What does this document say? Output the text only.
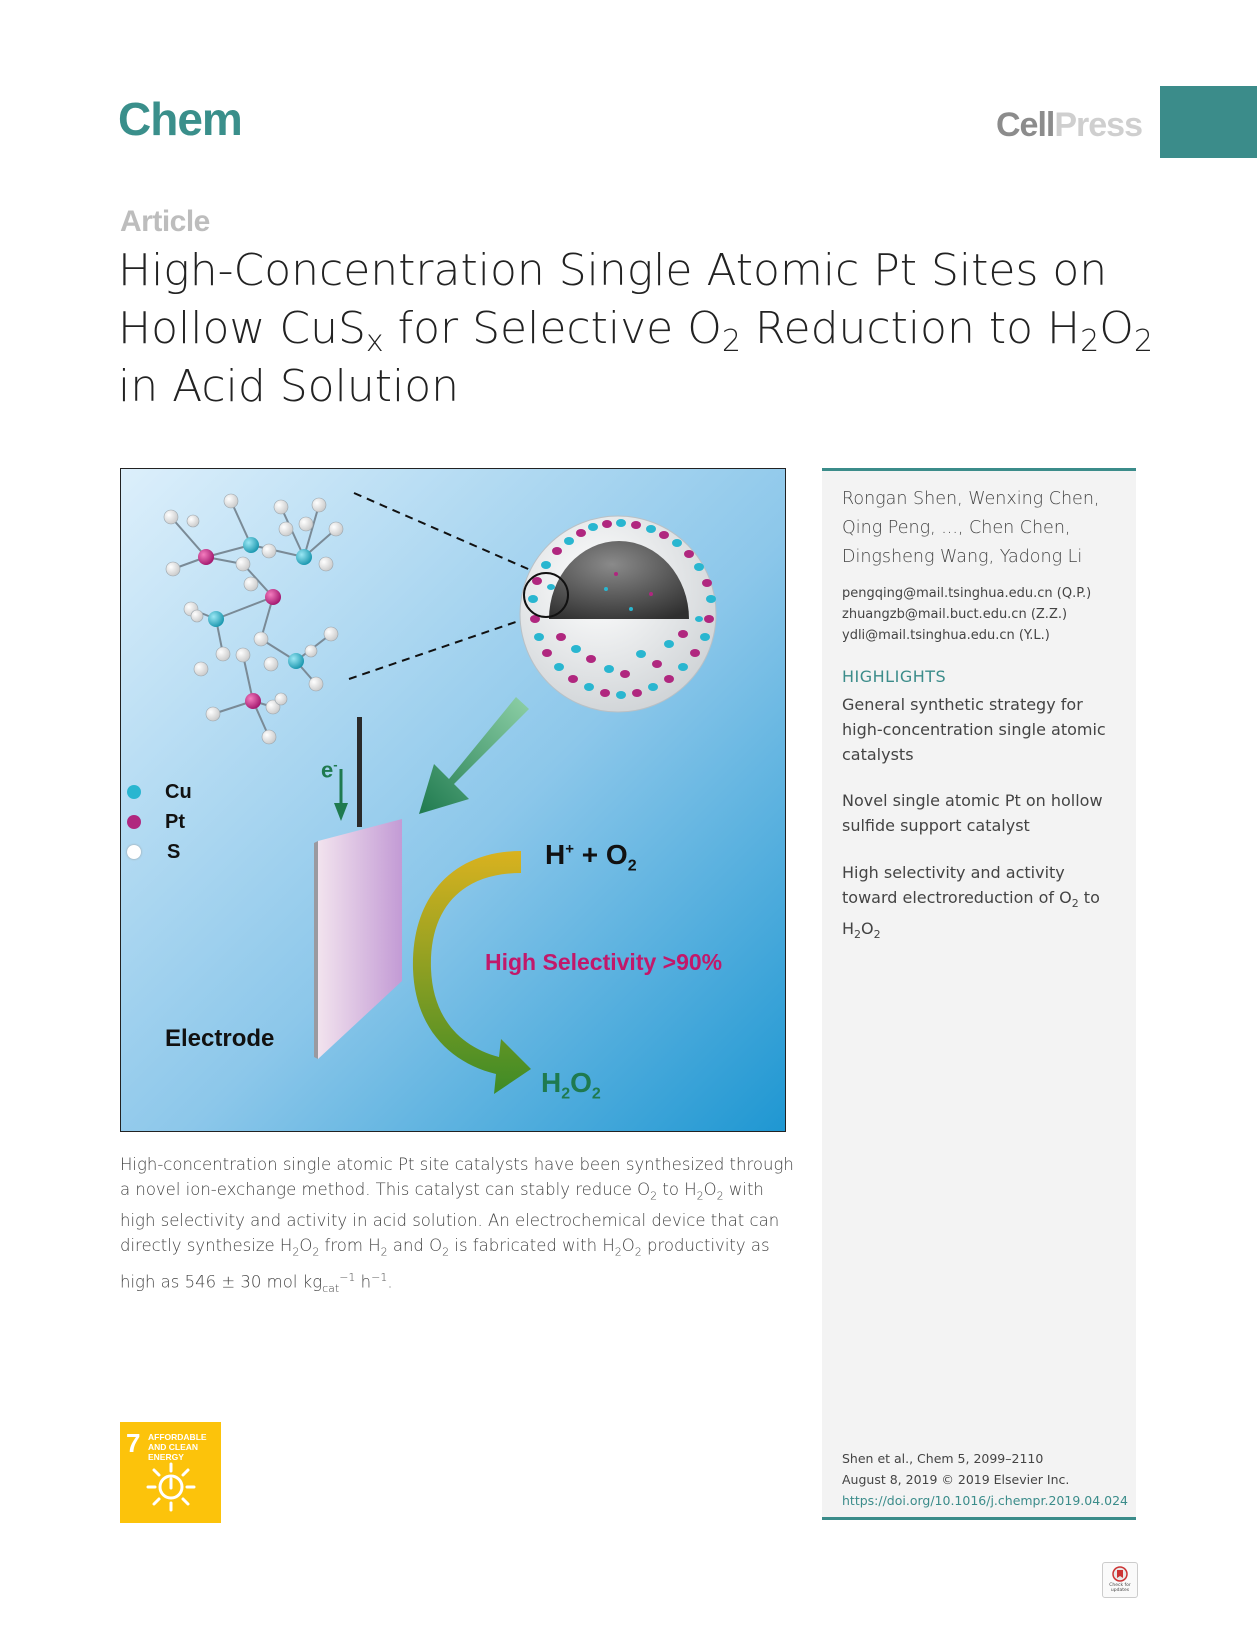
Chem	CellPress
Article
High-Concentration Single Atomic Pt Sites on Hollow CuS$_x$ for Selective $O_2$ Reduction to $H_2O_2$ in Acid Solution
Cu
Pt
S
e-
$H^+ + O_2$
High Selectivity >90%
Electrode
$H_2O_2$
Rongan Shen, Wenxing Chen, Qing Peng, ..., Chen Chen, Dingsheng Wang, Yadong Li
pengqing@mail.tsinghua.edu.cn (Q.P.)
zhuangzb@mail.buct.edu.cn (Z.Z.)
ydli@mail.tsinghua.edu.cn (Y.L.)
HIGHLIGHTS
General synthetic strategy for high-concentration single atomic catalysts
Novel single atomic Pt on hollow sulfide support catalyst
High selectivity and activity toward electroreduction of $O_2$ to $H_2O_2$
Shen et al., Chem 5, 2099–2110
August 8, 2019 © 2019 Elsevier Inc.
https://doi.org/10.1016/j.chempr.2019.04.024
High-concentration single atomic Pt site catalysts have been synthesized through a novel ion-exchange method. This catalyst can stably reduce $O_2$ to $H_2O_2$ with high selectivity and activity in acid solution. An electrochemical device that can directly synthesize $H_2O_2$ from $H_2$ and $O_2$ is fabricated with $H_2O_2$ productivity as high as 546 ± 30 mol $kg_{cat}^{-1}$ $h^{-1}$.
7 AFFORDABLE AND CLEAN ENERGY
Check for updates
